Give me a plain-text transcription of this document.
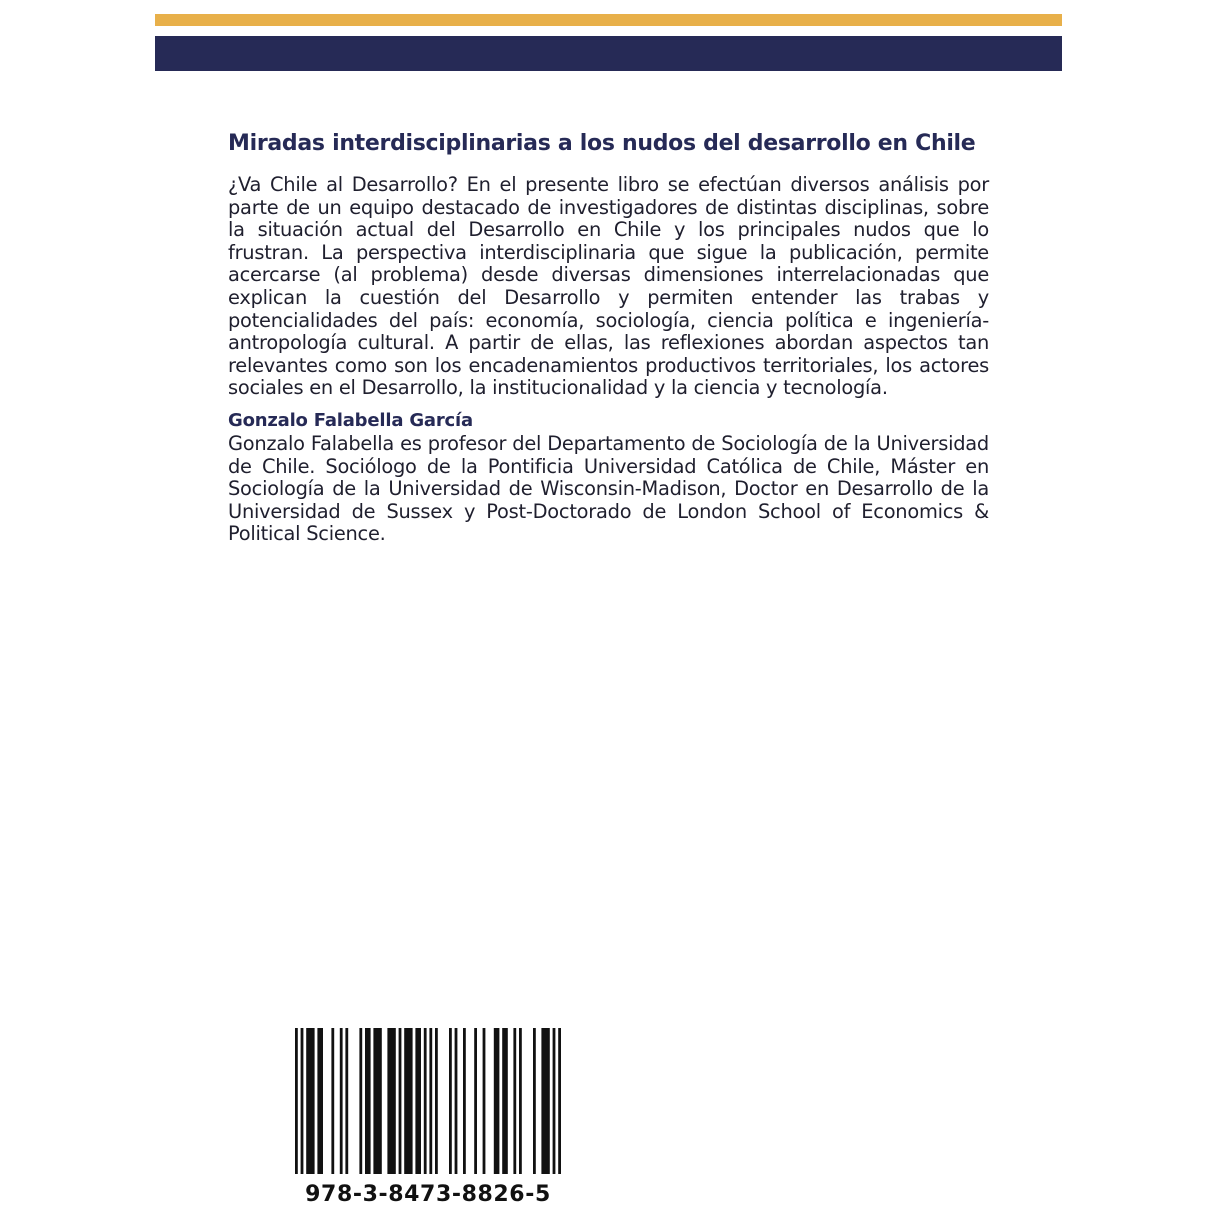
Miradas interdisciplinarias a los nudos del desarrollo en Chile

¿Va Chile al Desarrollo? En el presente libro se efectúan diversos análisis por parte de un equipo destacado de investigadores de distintas disciplinas, sobre la situación actual del Desarrollo en Chile y los principales nudos que lo frustran. La perspectiva interdisciplinaria que sigue la publicación, permite acercarse (al problema) desde diversas dimensiones interrelacionadas que explican la cuestión del Desarrollo y permiten entender las trabas y potencialidades del país: economía, sociología, ciencia política e ingeniería-antropología cultural. A partir de ellas, las reflexiones abordan aspectos tan relevantes como son los encadenamientos productivos territoriales, los actores sociales en el Desarrollo, la institucionalidad y la ciencia y tecnología.

Gonzalo Falabella García

Gonzalo Falabella es profesor del Departamento de Sociología de la Universidad de Chile. Sociólogo de la Pontificia Universidad Católica de Chile, Máster en Sociología de la Universidad de Wisconsin-Madison, Doctor en Desarrollo de la Universidad de Sussex y Post-Doctorado de London School of Economics & Political Science.

978-3-8473-8826-5
